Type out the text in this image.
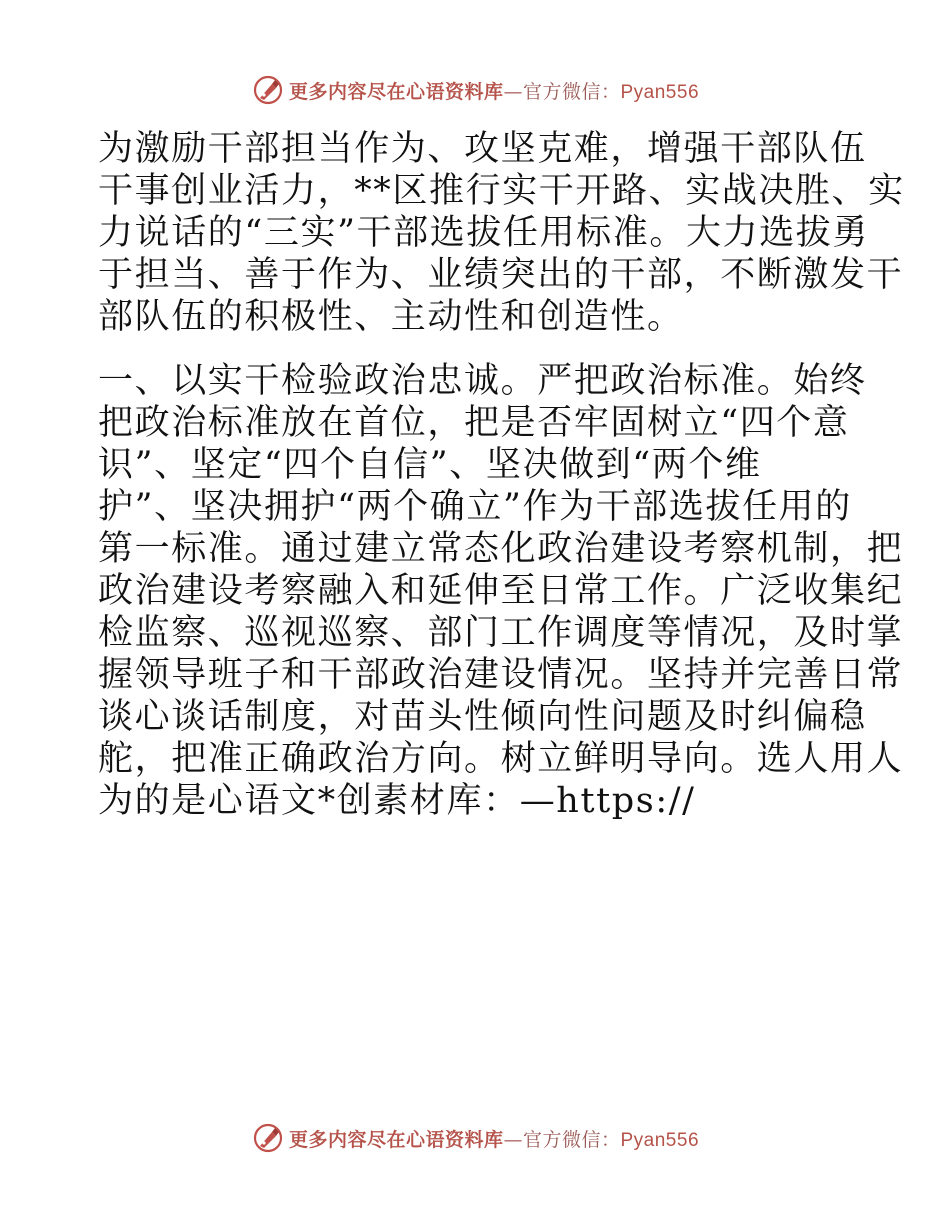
更多内容尽在心语资料库—官方微信：Pyan556

为激励干部担当作为、攻坚克难，增强干部队伍
干事创业活力，**区推行实干开路、实战决胜、实
力说话的“三实”干部选拔任用标准。大力选拔勇
于担当、善于作为、业绩突出的干部，不断激发干
部队伍的积极性、主动性和创造性。

一、以实干检验政治忠诚。严把政治标准。始终
把政治标准放在首位，把是否牢固树立“四个意
识”、坚定“四个自信”、坚决做到“两个维
护”、坚决拥护“两个确立”作为干部选拔任用的
第一标准。通过建立常态化政治建设考察机制，把
政治建设考察融入和延伸至日常工作。广泛收集纪
检监察、巡视巡察、部门工作调度等情况，及时掌
握领导班子和干部政治建设情况。坚持并完善日常
谈心谈话制度，对苗头性倾向性问题及时纠偏稳
舵，把准正确政治方向。树立鲜明导向。选人用人
为的是心语文*创素材库：—https://

更多内容尽在心语资料库—官方微信：Pyan556
